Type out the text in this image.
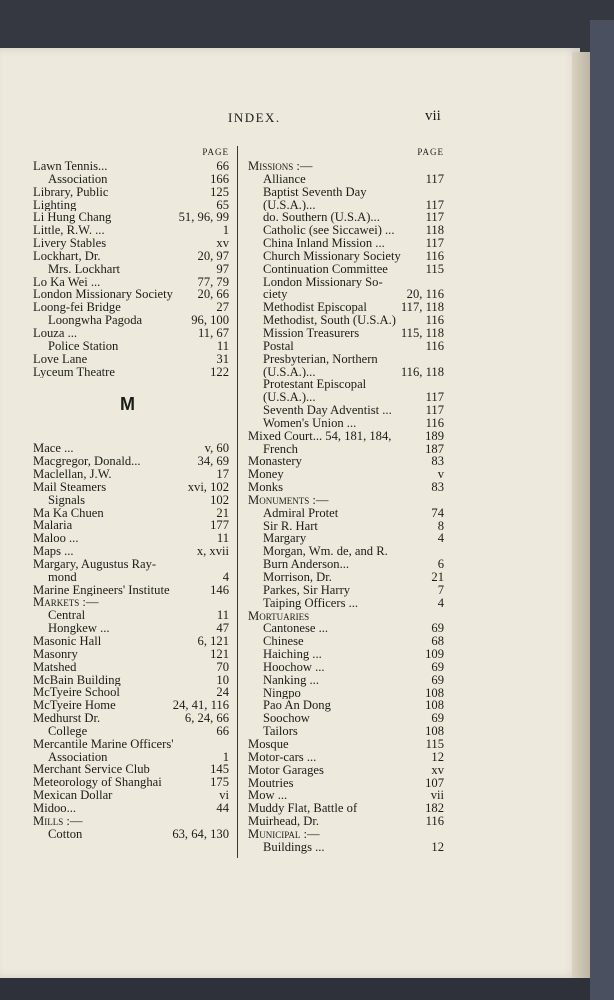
INDEX.	vii
PAGE
Lawn Tennis...	66
Association	166
Library, Public	125
Lighting	65
Li Hung Chang	51, 96, 99
Little, R.W. ...	1
Livery Stables	xv
Lockhart, Dr.	20, 97
Mrs. Lockhart	97
Lo Ka Wei ...	77, 79
London Missionary Society	20, 66
Loong-fei Bridge	27
Loongwha Pagoda	96, 100
Louza ...	11, 67
Police Station	11
Love Lane	31
Lyceum Theatre	122
M
Mace ...	v, 60
Macgregor, Donald...	34, 69
Maclellan, J.W.	17
Mail Steamers	xvi, 102
Signals	102
Ma Ka Chuen	21
Malaria	177
Maloo ...	11
Maps ...	x, xvii
Margary, Augustus Ray-
mond	4
Marine Engineers' Institute	146
Markets :—
Central	11
Hongkew ...	47
Masonic Hall	6, 121
Masonry	121
Matshed	70
McBain Building	10
McTyeire School	24
McTyeire Home	24, 41, 116
Medhurst Dr.	6, 24, 66
College	66
Mercantile Marine Officers'
Association	1
Merchant Service Club	145
Meteorology of Shanghai	175
Mexican Dollar	vi
Midoo...	44
Mills :—
Cotton	63, 64, 130
PAGE
Missions :—
Alliance	117
Baptist Seventh Day
(U.S.A.)...	117
do. Southern (U.S.A)...	117
Catholic (see Siccawei) ...	118
China Inland Mission ...	117
Church Missionary Society	116
Continuation Committee	115
London Missionary So-
ciety	20, 116
Methodist Episcopal	117, 118
Methodist, South (U.S.A.)	116
Mission Treasurers	115, 118
Postal	116
Presbyterian, Northern
(U.S.A.)...	116, 118
Protestant Episcopal
(U.S.A.)...	117
Seventh Day Adventist ...	117
Women's Union ...	116
Mixed Court... 54, 181, 184,	189
French	187
Monastery	83
Money	v
Monks	83
Monuments :—
Admiral Protet	74
Sir R. Hart	8
Margary	4
Morgan, Wm. de, and R.
Burn Anderson...	6
Morrison, Dr.	21
Parkes, Sir Harry	7
Taiping Officers ...	4
Mortuaries
Cantonese ...	69
Chinese	68
Haiching ...	109
Hoochow ...	69
Nanking ...	69
Ningpo	108
Pao An Dong	108
Soochow	69
Tailors	108
Mosque	115
Motor-cars ...	12
Motor Garages	xv
Moutries	107
Mow ...	vii
Muddy Flat, Battle of	182
Muirhead, Dr.	116
Municipal :—
Buildings ...	12
